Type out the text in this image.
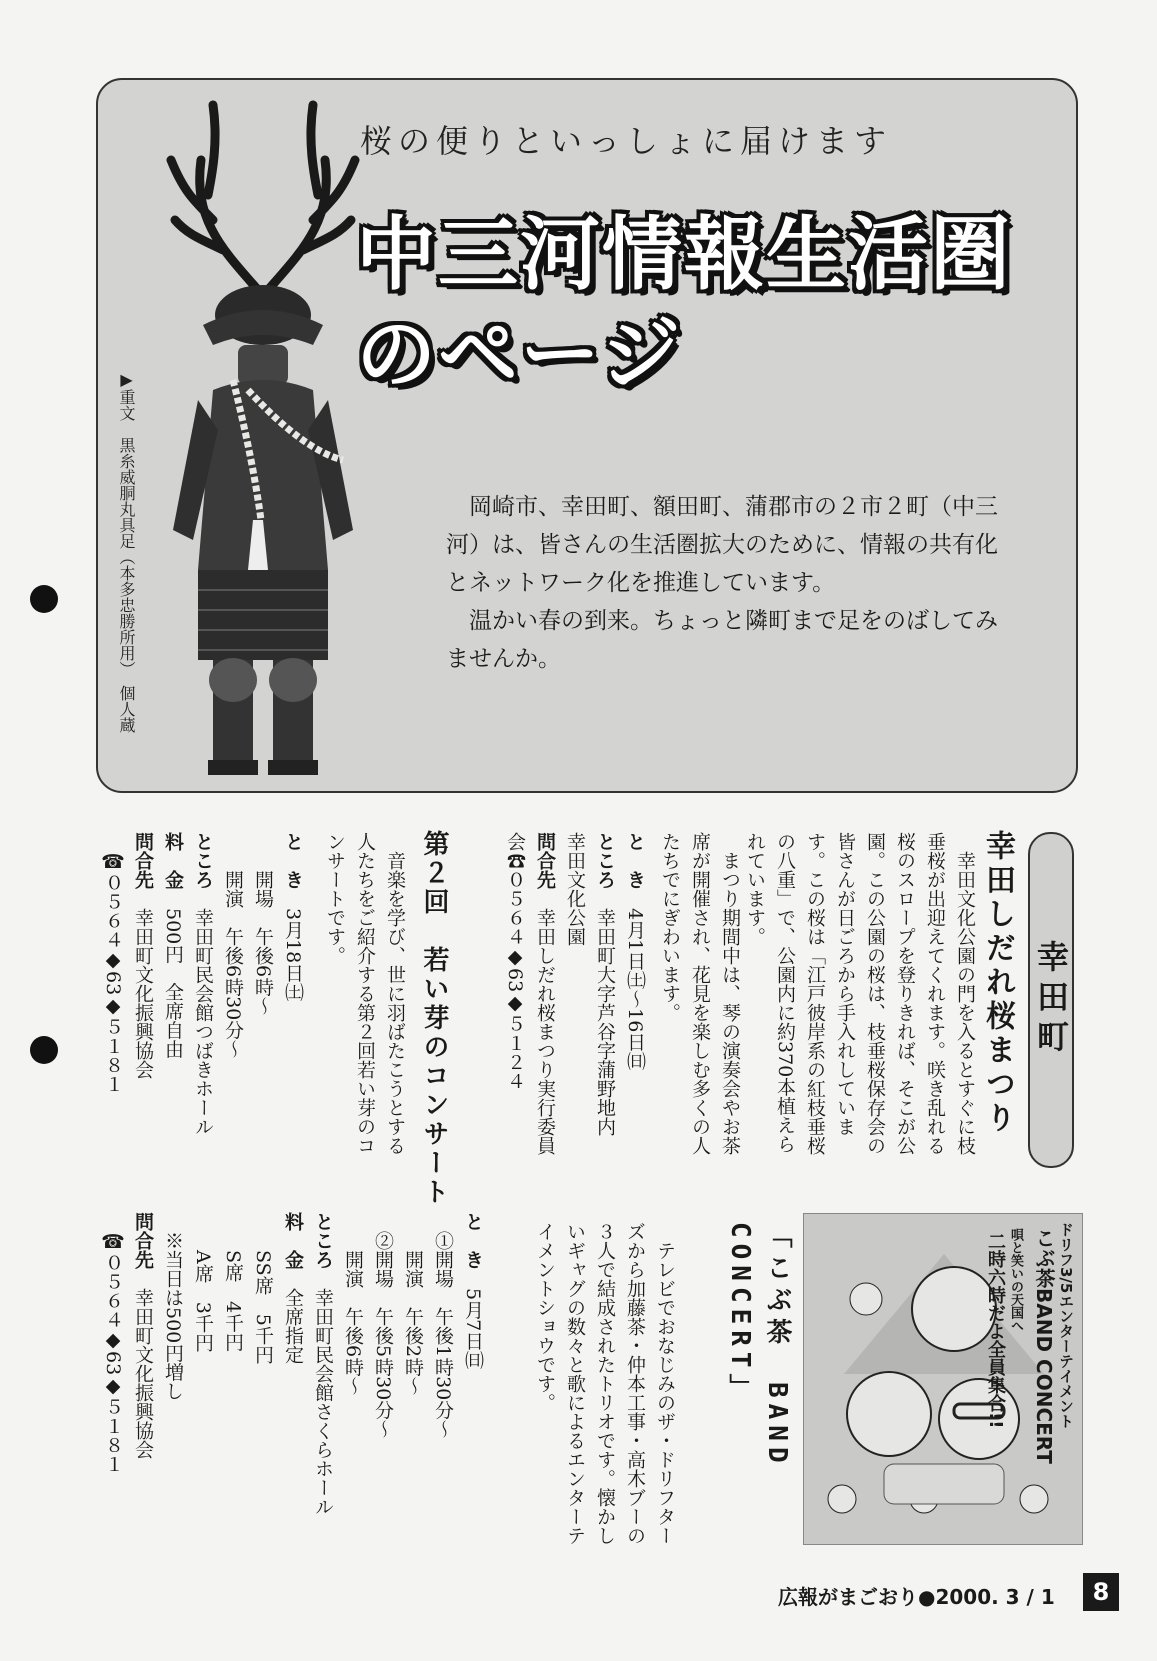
▶重文　黒糸威胴丸具足（本多忠勝所用）　個人蔵
桜の便りといっしょに届けます
中三河情報生活圏
のページ

岡崎市、幸田町、額田町、蒲郡市の２市２町（中三河）は、皆さんの生活圏拡大のために、情報の共有化とネットワーク化を推進しています。

温かい春の到来。ちょっと隣町まで足をのばしてみませんか。

幸田町
幸田しだれ桜まつり
幸田文化公園の門を入るとすぐに枝垂桜が出迎えてくれます。咲き乱れる桜のスロープを登りきれば、そこが公園。この公園の桜は、枝垂桜保存会の皆さんが日ごろから手入れしています。この桜は「江戸彼岸系の紅枝垂桜の八重」で、公園内に約370本植えられています。
まつり期間中は、琴の演奏会やお茶席が開催され、花見を楽しむ多くの人たちでにぎわいます。
と　き　4月1日㈯～16日㈰
ところ　幸田町大字芦谷字蒲野地内　幸田文化公園
問合先　幸田しだれ桜まつり実行委員会☎０５６４◆63◆５１２４
第２回　若い芽のコンサート
音楽を学び、世に羽ばたこうとする人たちをご紹介する第２回若い芽のコンサートです。
と　き　3月18日㈯
　　開場　午後6時～
　　開演　午後6時30分～
ところ　幸田町民会館つばきホール
料　金　500円　全席自由
問合先　幸田町文化振興協会
　☎０５６４◆63◆５１８１
「こぶ茶　BAND　CONCERT」
テレビでおなじみのザ・ドリフターズから加藤茶・仲本工事・高木ブーの３人で結成されたトリオです。懐かしいギャグの数々と歌によるエンターテイメントショウです。
と　き　5月7日㈰
　①開場　午後1時30分～
　　開演　午後2時～
　②開場　午後5時30分～
　　開演　午後6時～
ところ　幸田町民会館さくらホール
料　金　全席指定
　　SS席　5千円
　　S席　4千円
　　A席　3千円
　※当日は500円増し
問合先　幸田町文化振興協会
　☎０５６４◆63◆５１８１	ドリフ3/5エンターテイメント
こぶ茶BAND CONCERT
唄と笑いの天国へ
二時六時だよ全員集合!!
広報がまごおり●2000. 3 / 1	8
